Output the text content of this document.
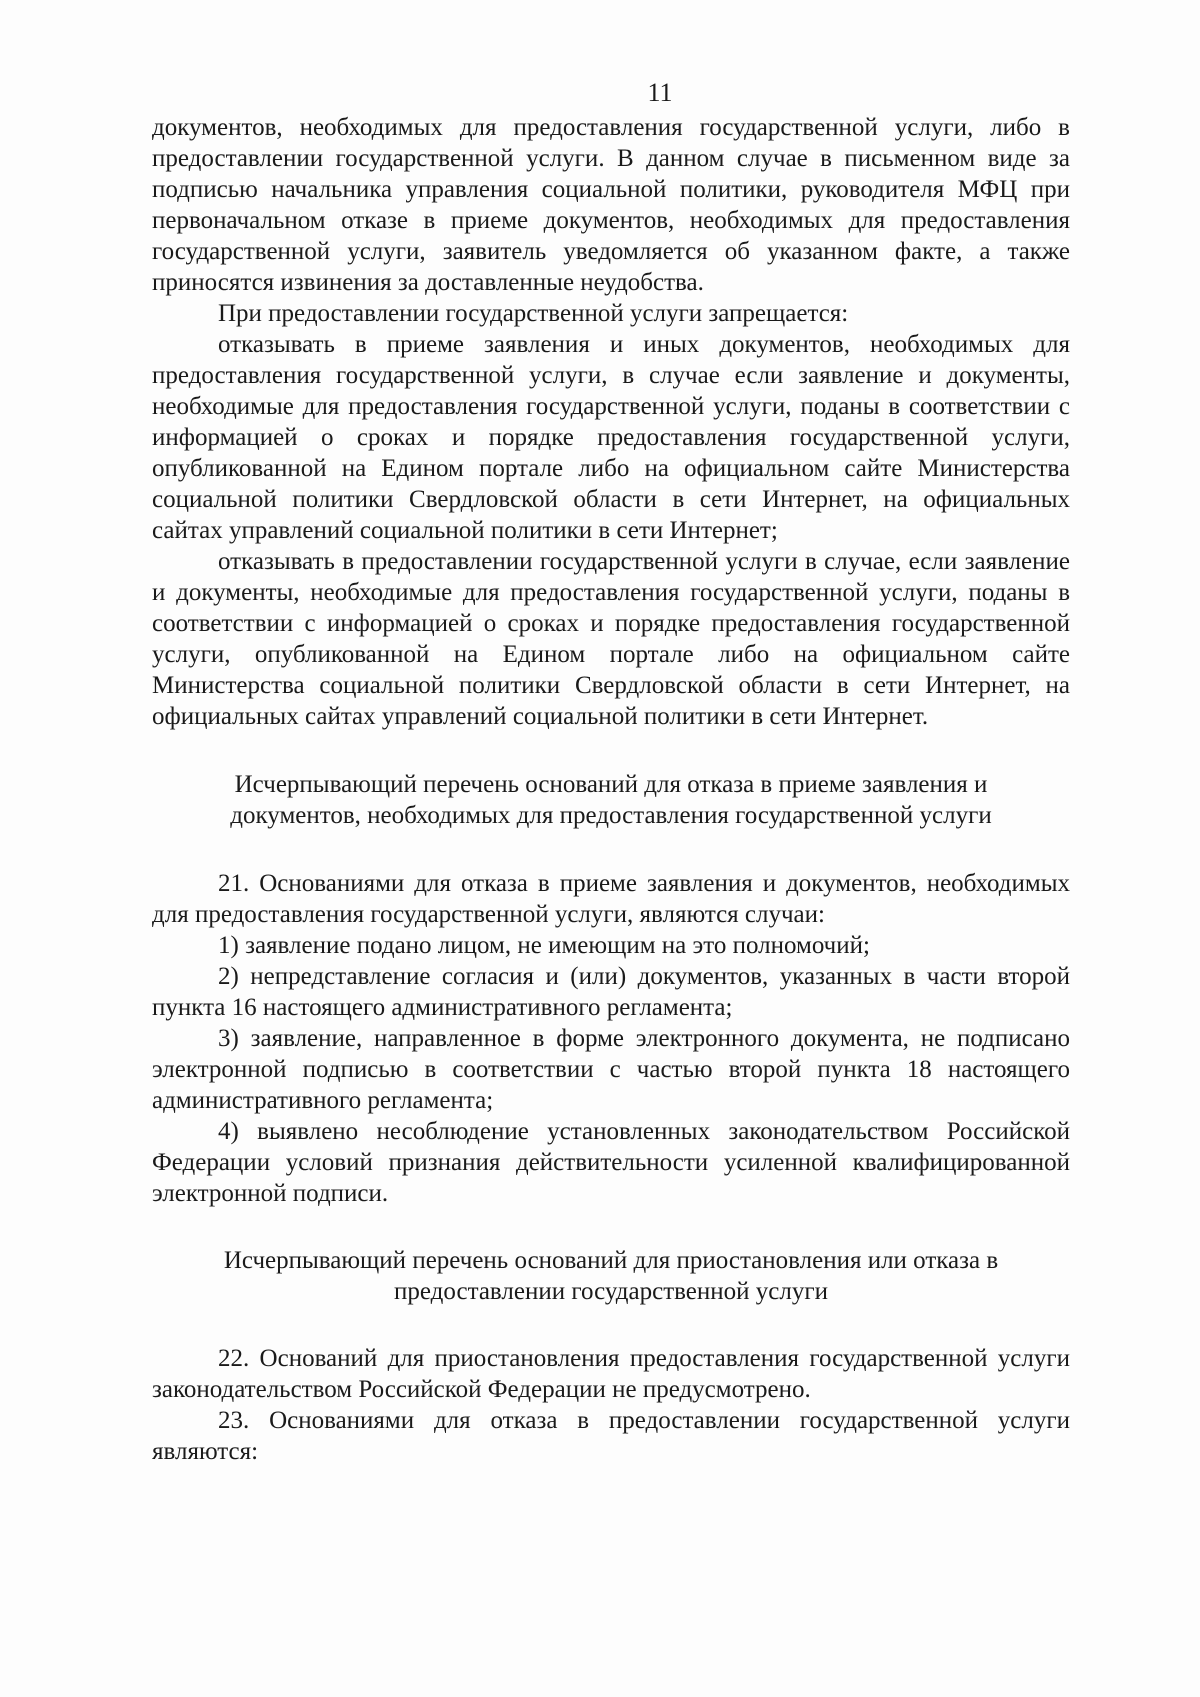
11

документов, необходимых для предоставления государственной услуги, либо в предоставлении государственной услуги. В данном случае в письменном виде за подписью начальника управления социальной политики, руководителя МФЦ при первоначальном отказе в приеме документов, необходимых для предоставления государственной услуги, заявитель уведомляется об указанном факте, а также приносятся извинения за доставленные неудобства.

При предоставлении государственной услуги запрещается:

отказывать в приеме заявления и иных документов, необходимых для предоставления государственной услуги, в случае если заявление и документы, необходимые для предоставления государственной услуги, поданы в соответствии с информацией о сроках и порядке предоставления государственной услуги, опубликованной на Едином портале либо на официальном сайте Министерства социальной политики Свердловской области в сети Интернет, на официальных сайтах управлений социальной политики в сети Интернет;

отказывать в предоставлении государственной услуги в случае, если заявление и документы, необходимые для предоставления государственной услуги, поданы в соответствии с информацией о сроках и порядке предоставления государственной услуги, опубликованной на Едином портале либо на официальном сайте Министерства социальной политики Свердловской области в сети Интернет, на официальных сайтах управлений социальной политики в сети Интернет.

Исчерпывающий перечень оснований для отказа в приеме заявления и документов, необходимых для предоставления государственной услуги

21. Основаниями для отказа в приеме заявления и документов, необходимых для предоставления государственной услуги, являются случаи:

1) заявление подано лицом, не имеющим на это полномочий;

2) непредставление согласия и (или) документов, указанных в части второй пункта 16 настоящего административного регламента;

3) заявление, направленное в форме электронного документа, не подписано электронной подписью в соответствии с частью второй пункта 18 настоящего административного регламента;

4) выявлено несоблюдение установленных законодательством Российской Федерации условий признания действительности усиленной квалифицированной электронной подписи.

Исчерпывающий перечень оснований для приостановления или отказа в предоставлении государственной услуги

22. Оснований для приостановления предоставления государственной услуги законодательством Российской Федерации не предусмотрено.

23. Основаниями для отказа в предоставлении государственной услуги являются:
